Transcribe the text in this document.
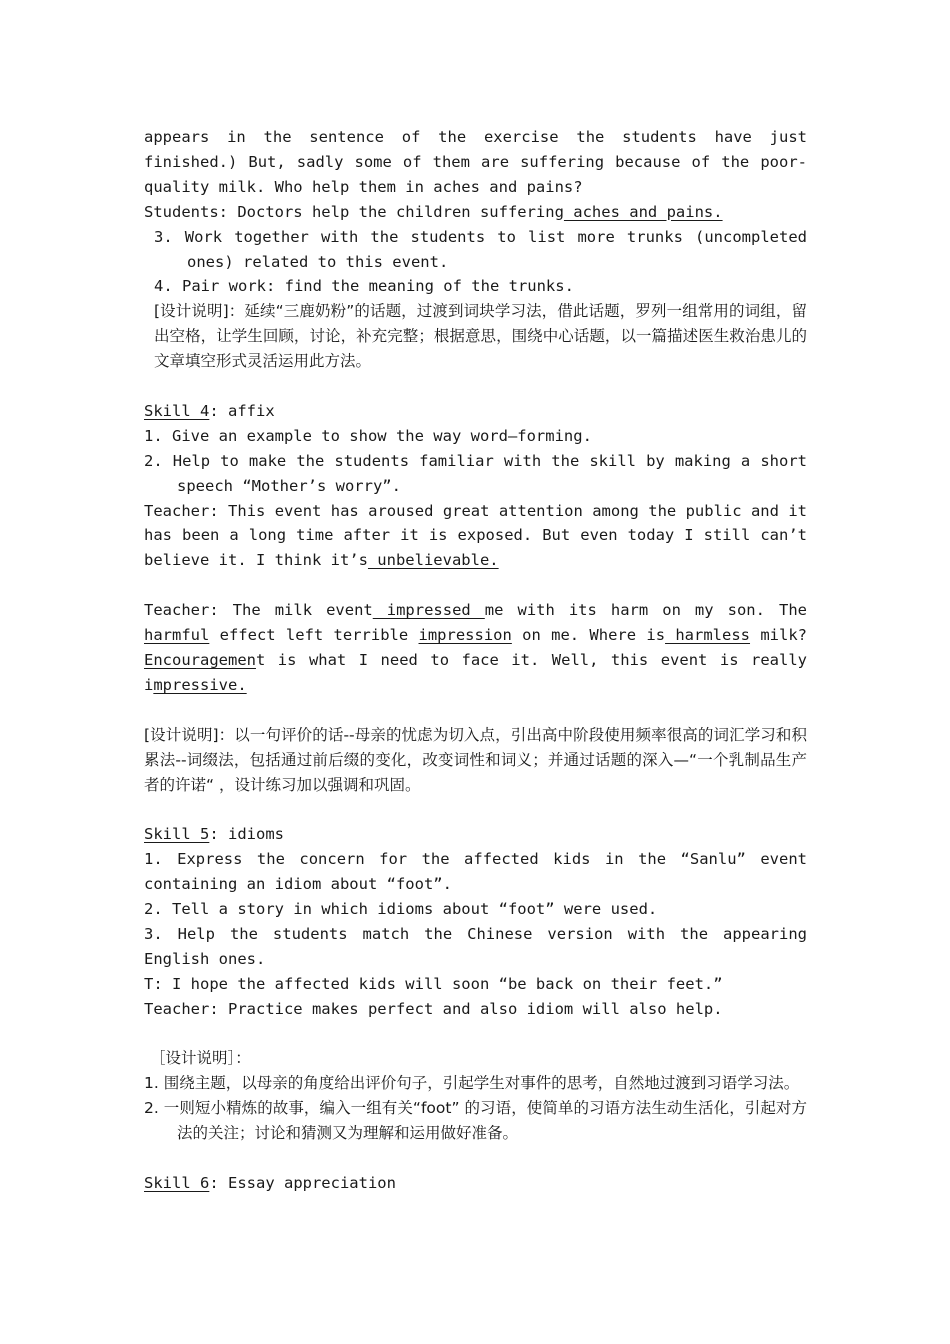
appears in the sentence of the exercise the students have just

finished.) But, sadly some of them are suffering because of the poor-

quality milk. Who help them in aches and pains?

Students: Doctors help the children suffering aches and pains.

3. Work together with the students to list more trunks (uncompleted

ones) related to this event.

4. Pair work: find the meaning of the trunks.

[设计说明]：延续“三鹿奶粉”的话题，过渡到词块学习法，借此话题，罗列一组常用的词组，留出空格，让学生回顾，讨论，补充完整；根据意思，围绕中心话题，以一篇描述医生救治患儿的文章填空形式灵活运用此方法。

Skill 4: affix

1. Give an example to show the way word—forming.

2. Help to make the students familiar with the skill by making a short speech “Mother’s worry”.

Teacher: This event has aroused great attention among the public and it has been a long time after it is exposed. But even today I still can’t believe it. I think it’s unbelievable.

Teacher: The milk event impressed me with its harm on my son. The harmful effect left terrible impression on me. Where is harmless milk? Encouragement is what I need to face it. Well, this event is really impressive.

[设计说明]：以一句评价的话--母亲的忧虑为切入点，引出高中阶段使用频率很高的词汇学习和积累法--词缀法，包括通过前后缀的变化，改变词性和词义；并通过话题的深入—“一个乳制品生产者的许诺“ ，设计练习加以强调和巩固。

Skill 5: idioms

1. Express the concern for the affected kids in the “Sanlu” event containing an idiom about “foot”.

2. Tell a story in which idioms about “foot” were used.

3. Help the students match the Chinese version with the appearing English ones.

T: I hope the affected kids will soon “be back on their feet.”

Teacher: Practice makes perfect and also idiom will also help.

［设计说明］：

1. 围绕主题，以母亲的角度给出评价句子，引起学生对事件的思考，自然地过渡到习语学习法。

2. 一则短小精炼的故事，编入一组有关“foot” 的习语，使简单的习语方法生动生活化，引起对方法的关注；讨论和猜测又为理解和运用做好准备。

Skill 6: Essay appreciation
